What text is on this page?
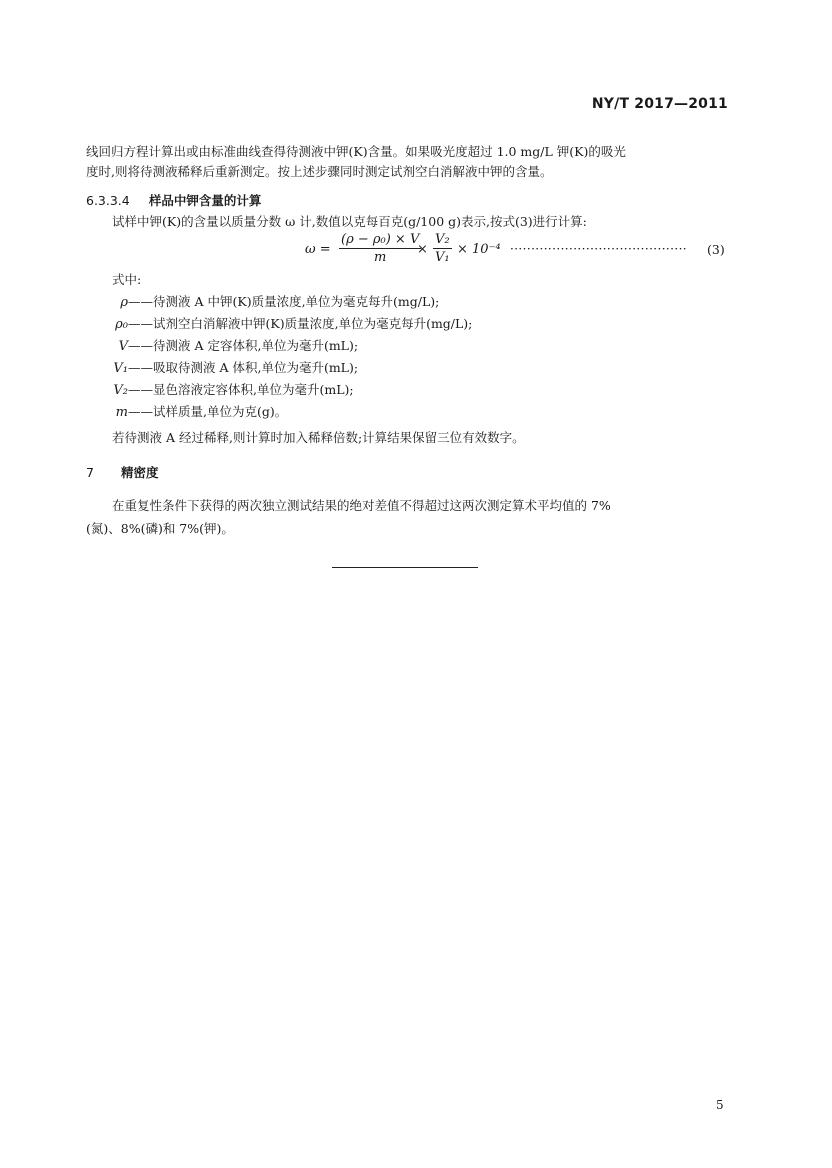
NY/T 2017—2011
线回归方程计算出或由标准曲线查得待测液中钾(K)含量。如果吸光度超过 1.0 mg/L 钾(K)的吸光
度时,则将待测液稀释后重新测定。按上述步骤同时测定试剂空白消解液中钾的含量。
6.3.3.4 样品中钾含量的计算
试样中钾(K)的含量以质量分数 ω 计,数值以克每百克(g/100 g)表示,按式(3)进行计算:
ω =
(ρ − ρ₀) × V
m
×
V₂
V₁
× 10⁻⁴ ·········································· (3)
式中:
ρ——待测液 A 中钾(K)质量浓度,单位为毫克每升(mg/L);
ρ₀——试剂空白消解液中钾(K)质量浓度,单位为毫克每升(mg/L);
V——待测液 A 定容体积,单位为毫升(mL);
V₁——吸取待测液 A 体积,单位为毫升(mL);
V₂——显色溶液定容体积,单位为毫升(mL);
m——试样质量,单位为克(g)。
若待测液 A 经过稀释,则计算时加入稀释倍数;计算结果保留三位有效数字。
7 精密度
在重复性条件下获得的两次独立测试结果的绝对差值不得超过这两次测定算术平均值的 7%
(氮)、8%(磷)和 7%(钾)。
5
